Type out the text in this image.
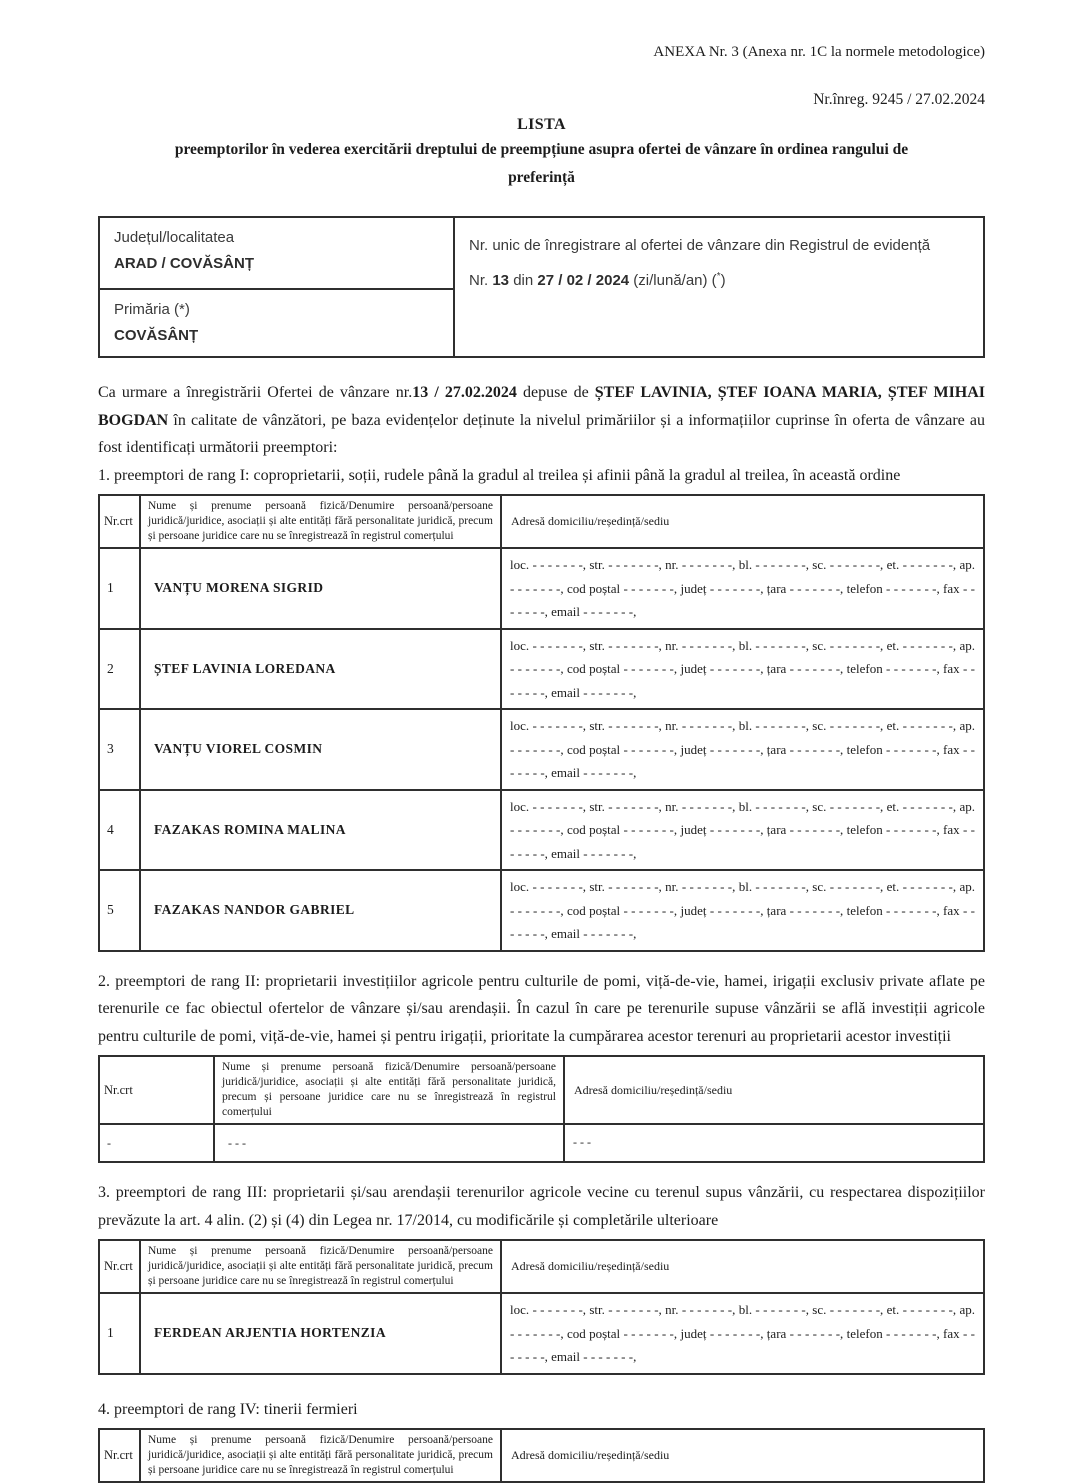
ANEXA Nr. 3 (Anexa nr. 1C la normele metodologice)
Nr.înreg. 9245 / 27.02.2024
LISTA
preemptorilor în vederea exercitării dreptului de preempțiune asupra ofertei de vânzare în ordinea rangului de
preferință
Județul/localitatea
ARAD / COVĂSÂNȚ
	Nr. unic de înregistrare al ofertei de vânzare din Registrul de evidență
Nr. 13 din 27 / 02 / 2024 (zi/lună/an) (*)

Primăria (*)
COVĂSÂNȚ

Ca urmare a înregistrării Ofertei de vânzare nr.13 / 27.02.2024 depuse de ȘTEF LAVINIA, ȘTEF IOANA MARIA, ȘTEF MIHAI BOGDAN în calitate de vânzători, pe baza evidențelor deținute la nivelul primăriilor și a informațiilor cuprinse în oferta de vânzare au fost identificați următorii preemptori:

1. preemptori de rang I: coproprietarii, soții, rudele până la gradul al treilea și afinii până la gradul al treilea, în această ordine

Nr.crt	Nume și prenume persoană fizică/Denumire persoană/persoane juridică/juridice, asociații și alte entități fără personalitate juridică, precum și persoane juridice care nu se înregistrează în registrul comerțului	Adresă domiciliu/reședință/sediu
1	VANȚU MORENA SIGRID	loc. - - - - - - -, str. - - - - - - -, nr. - - - - - - -, bl. - - - - - - -, sc. - - - - - - -, et. - - - - - - -, ap. - - - - - - -, cod poștal - - - - - - -, județ - - - - - - -, țara - - - - - - -, telefon - - - - - - -, fax - - - - - - -, email - - - - - - -,
2	ȘTEF LAVINIA LOREDANA	loc. - - - - - - -, str. - - - - - - -, nr. - - - - - - -, bl. - - - - - - -, sc. - - - - - - -, et. - - - - - - -, ap. - - - - - - -, cod poștal - - - - - - -, județ - - - - - - -, țara - - - - - - -, telefon - - - - - - -, fax - - - - - - -, email - - - - - - -,
3	VANȚU VIOREL COSMIN	loc. - - - - - - -, str. - - - - - - -, nr. - - - - - - -, bl. - - - - - - -, sc. - - - - - - -, et. - - - - - - -, ap. - - - - - - -, cod poștal - - - - - - -, județ - - - - - - -, țara - - - - - - -, telefon - - - - - - -, fax - - - - - - -, email - - - - - - -,
4	FAZAKAS ROMINA MALINA	loc. - - - - - - -, str. - - - - - - -, nr. - - - - - - -, bl. - - - - - - -, sc. - - - - - - -, et. - - - - - - -, ap. - - - - - - -, cod poștal - - - - - - -, județ - - - - - - -, țara - - - - - - -, telefon - - - - - - -, fax - - - - - - -, email - - - - - - -,
5	FAZAKAS NANDOR GABRIEL	loc. - - - - - - -, str. - - - - - - -, nr. - - - - - - -, bl. - - - - - - -, sc. - - - - - - -, et. - - - - - - -, ap. - - - - - - -, cod poștal - - - - - - -, județ - - - - - - -, țara - - - - - - -, telefon - - - - - - -, fax - - - - - - -, email - - - - - - -,

2. preemptori de rang II: proprietarii investițiilor agricole pentru culturile de pomi, viță-de-vie, hamei, irigații exclusiv private aflate pe terenurile ce fac obiectul ofertelor de vânzare și/sau arendașii. În cazul în care pe terenurile supuse vânzării se află investiții agricole pentru culturile de pomi, viță-de-vie, hamei și pentru irigații, prioritate la cumpărarea acestor terenuri au proprietarii acestor investiții

Nr.crt	Nume și prenume persoană fizică/Denumire persoană/persoane juridică/juridice, asociații și alte entități fără personalitate juridică, precum și persoane juridice care nu se înregistrează în registrul comerțului	Adresă domiciliu/reședință/sediu
-	- - -	- - -

3. preemptori de rang III: proprietarii și/sau arendașii terenurilor agricole vecine cu terenul supus vânzării, cu respectarea dispozițiilor prevăzute la art. 4 alin. (2) și (4) din Legea nr. 17/2014, cu modificările și completările ulterioare

Nr.crt	Nume și prenume persoană fizică/Denumire persoană/persoane juridică/juridice, asociații și alte entități fără personalitate juridică, precum și persoane juridice care nu se înregistrează în registrul comerțului	Adresă domiciliu/reședință/sediu
1	FERDEAN ARJENTIA HORTENZIA	loc. - - - - - - -, str. - - - - - - -, nr. - - - - - - -, bl. - - - - - - -, sc. - - - - - - -, et. - - - - - - -, ap. - - - - - - -, cod poștal - - - - - - -, județ - - - - - - -, țara - - - - - - -, telefon - - - - - - -, fax - - - - - - -, email - - - - - - -,

4. preemptori de rang IV: tinerii fermieri

Nr.crt	Nume și prenume persoană fizică/Denumire persoană/persoane juridică/juridice, asociații și alte entități fără personalitate juridică, precum și persoane juridice care nu se înregistrează în registrul comerțului	Adresă domiciliu/reședință/sediu
